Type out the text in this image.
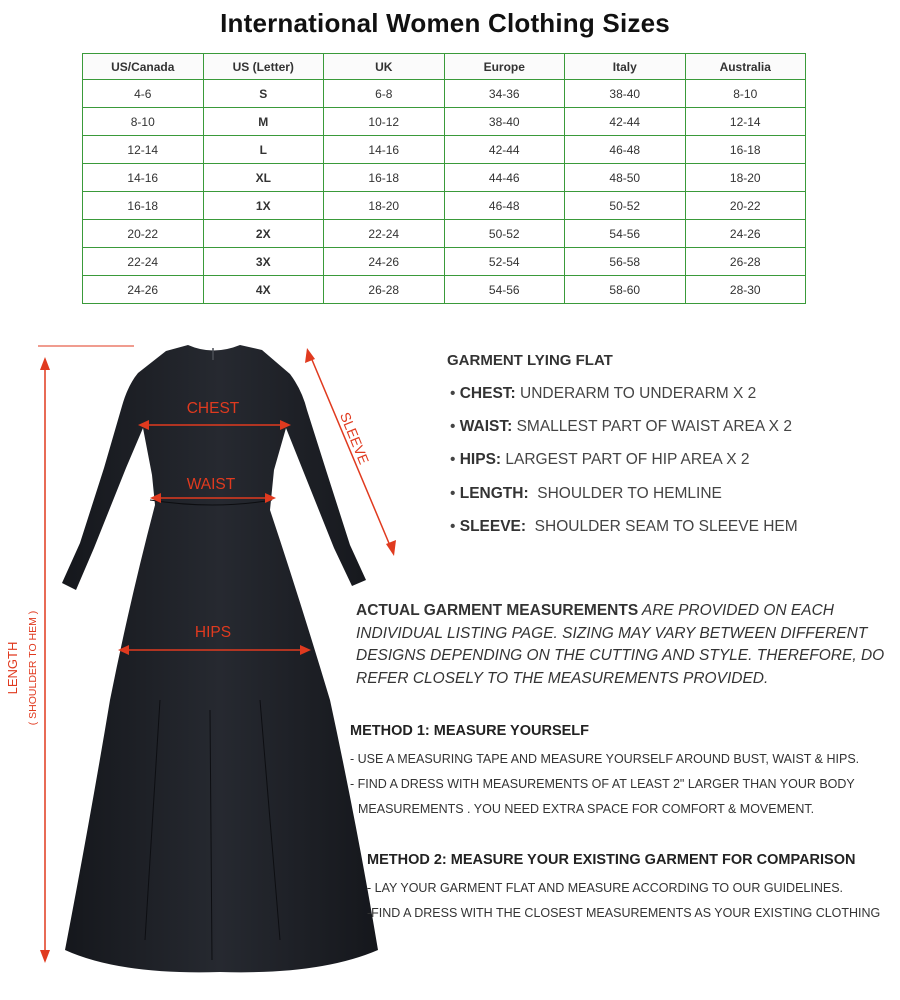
International Women Clothing Sizes
US/Canada	US (Letter)	UK	Europe	Italy	Australia
4-6	S	6-8	34-36	38-40	8-10
8-10	M	10-12	38-40	42-44	12-14
12-14	L	14-16	42-44	46-48	16-18
14-16	XL	16-18	44-46	48-50	18-20
16-18	1X	18-20	46-48	50-52	20-22
20-22	2X	22-24	50-52	54-56	24-26
22-24	3X	24-26	52-54	56-58	26-28
24-26	4X	26-28	54-56	58-60	28-30
LENGTH ( SHOULDER TO HEM )
SLEEVE
CHEST
WAIST
HIPS
GARMENT LYING FLAT
• CHEST: UNDERARM TO UNDERARM X 2
• WAIST: SMALLEST PART OF WAIST AREA X 2
• HIPS: LARGEST PART OF HIP AREA X 2
• LENGTH:  SHOULDER TO HEMLINE
• SLEEVE:  SHOULDER SEAM TO SLEEVE HEM
ACTUAL GARMENT MEASUREMENTS ARE PROVIDED ON EACH INDIVIDUAL LISTING PAGE. SIZING MAY VARY BETWEEN DIFFERENT DESIGNS DEPENDING ON THE CUTTING AND STYLE. THEREFORE, DO REFER CLOSELY TO THE MEASUREMENTS PROVIDED.
METHOD 1: MEASURE YOURSELF
- USE A MEASURING TAPE AND MEASURE YOURSELF AROUND BUST, WAIST & HIPS.
- FIND A DRESS WITH MEASUREMENTS OF AT LEAST 2" LARGER THAN YOUR BODY
MEASUREMENTS . YOU NEED EXTRA SPACE FOR COMFORT & MOVEMENT.
METHOD 2: MEASURE YOUR EXISTING GARMENT FOR COMPARISON
- LAY YOUR GARMENT FLAT AND MEASURE ACCORDING TO OUR GUIDELINES.
-FIND A DRESS WITH THE CLOSEST MEASUREMENTS AS YOUR EXISTING CLOTHING
